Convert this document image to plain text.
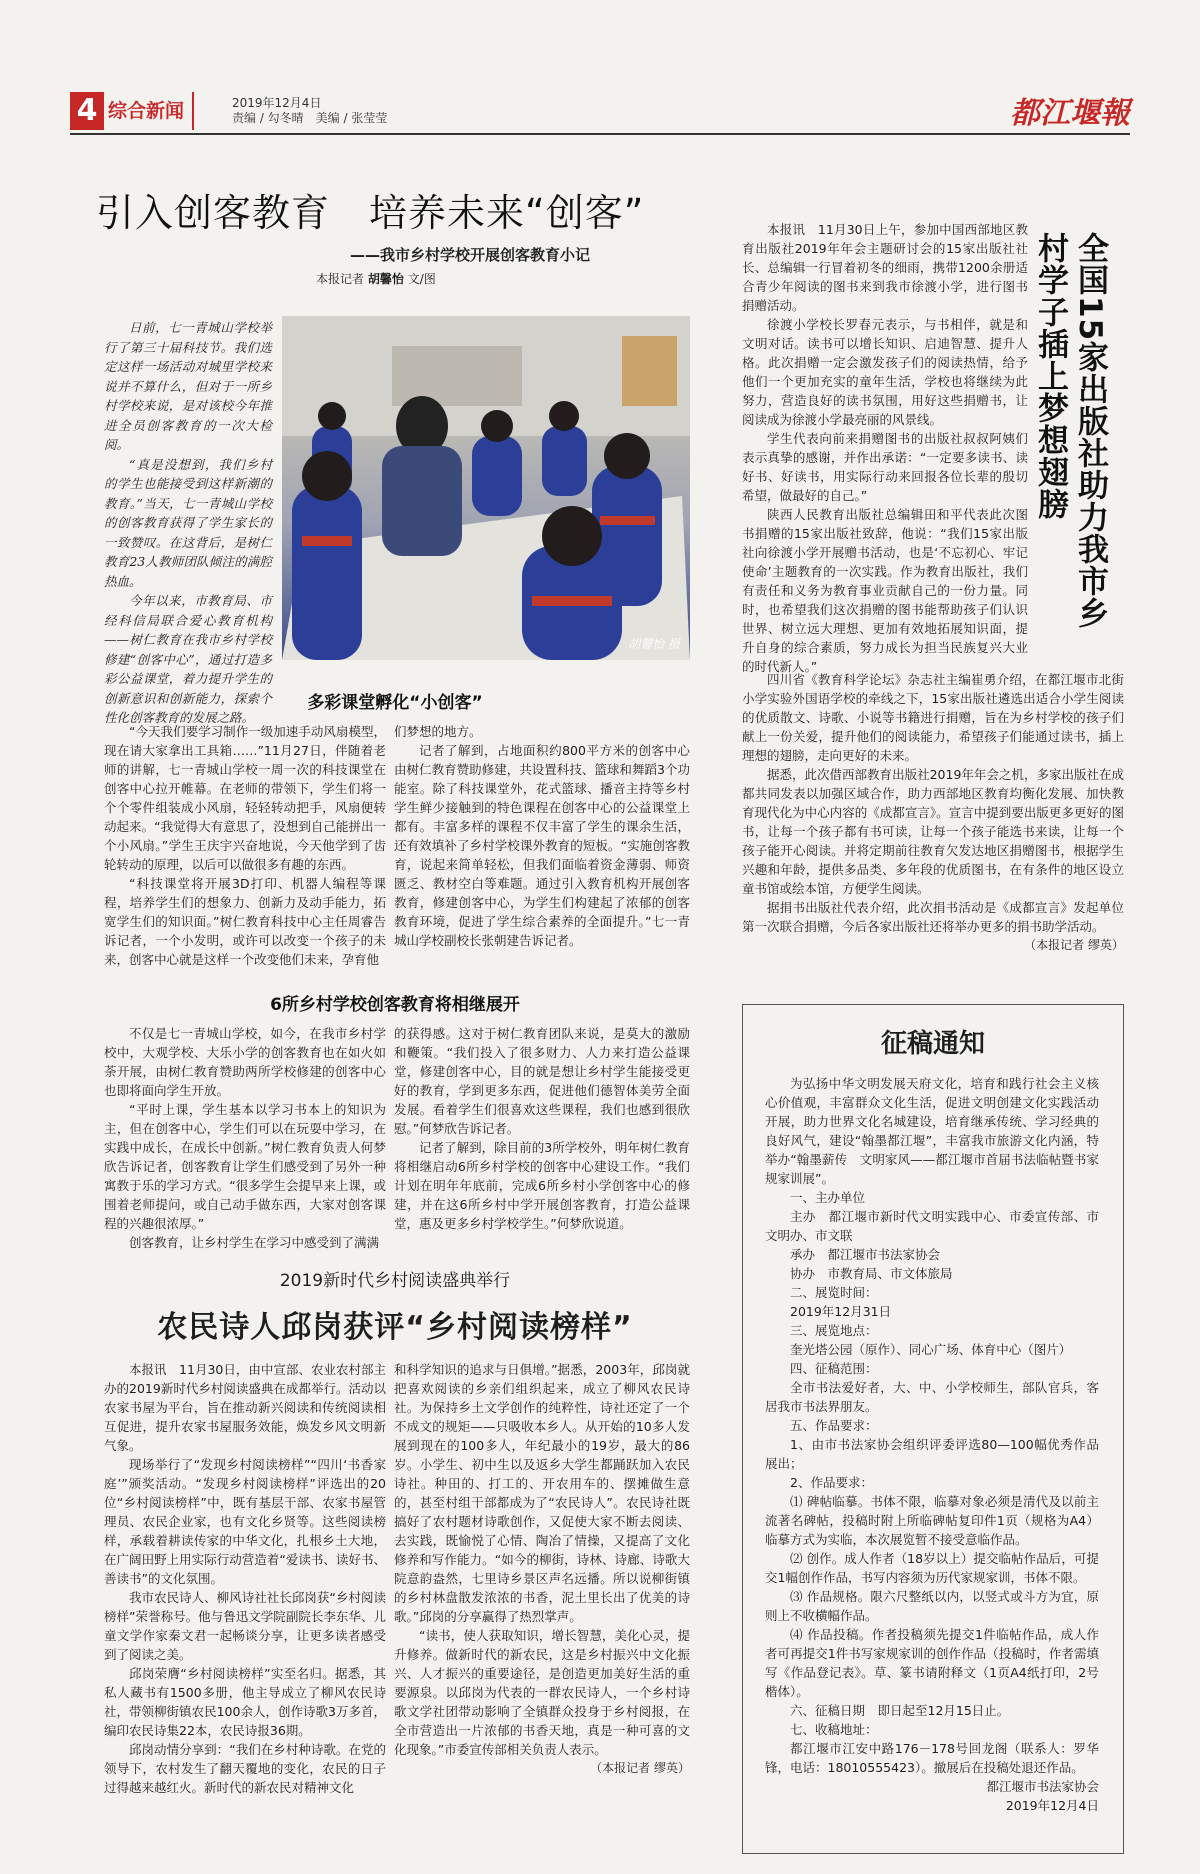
4 综合新闻	2019年12月4日
责编 / 勾冬晴　美编 / 张莹莹	都江堰報
引入创客教育　培养未来“创客”
——我市乡村学校开展创客教育小记
本报记者 胡馨怡 文/图

日前，七一青城山学校举行了第三十届科技节。我们选定这样一场活动对城里学校来说并不算什么，但对于一所乡村学校来说，是对该校今年推进全员创客教育的一次大检阅。

“真是没想到，我们乡村的学生也能接受到这样新潮的教育。”当天，七一青城山学校的创客教育获得了学生家长的一致赞叹。在这背后，是树仁教育23人教师团队倾注的满腔热血。

今年以来，市教育局、市经科信局联合爱心教育机构——树仁教育在我市乡村学校修建“创客中心”，通过打造多彩公益课堂，着力提升学生的创新意识和创新能力，探索个性化创客教育的发展之路。

胡馨怡 摄
多彩课堂孵化“小创客”

“今天我们要学习制作一级加速手动风扇模型，现在请大家拿出工具箱……”11月27日，伴随着老师的讲解，七一青城山学校一周一次的科技课堂在创客中心拉开帷幕。在老师的带领下，学生们将一个个零件组装成小风扇，轻轻转动把手，风扇便转动起来。“我觉得大有意思了，没想到自己能拼出一个小风扇。”学生王庆宇兴奋地说，今天他学到了齿轮转动的原理，以后可以做很多有趣的东西。

“科技课堂将开展3D打印、机器人编程等课程，培养学生们的想象力、创新力及动手能力，拓宽学生们的知识面。”树仁教育科技中心主任周睿告诉记者，一个小发明，或许可以改变一个孩子的未来，创客中心就是这样一个改变他们未来，孕育他

们梦想的地方。

记者了解到，占地面积约800平方米的创客中心由树仁教育赞助修建，共设置科技、篮球和舞蹈3个功能室。除了科技课堂外，花式篮球、播音主持等乡村学生鲜少接触到的特色课程在创客中心的公益课堂上都有。丰富多样的课程不仅丰富了学生的课余生活，还有效填补了乡村学校课外教育的短板。“实施创客教育，说起来简单轻松，但我们面临着资金薄弱、师资匮乏、教材空白等难题。通过引入教育机构开展创客教育，修建创客中心，为学生们构建起了浓郁的创客教育环境，促进了学生综合素养的全面提升。”七一青城山学校副校长张朝建告诉记者。

6所乡村学校创客教育将相继展开

不仅是七一青城山学校，如今，在我市乡村学校中，大观学校、大乐小学的创客教育也在如火如荼开展，由树仁教育赞助两所学校修建的创客中心也即将面向学生开放。

“平时上课，学生基本以学习书本上的知识为主，但在创客中心，学生们可以在玩耍中学习，在实践中成长，在成长中创新。”树仁教育负责人何梦欣告诉记者，创客教育让学生们感受到了另外一种寓教于乐的学习方式。“很多学生会提早来上课，或围着老师提问，或自己动手做东西，大家对创客课程的兴趣很浓厚。”

创客教育，让乡村学生在学习中感受到了满满

的获得感。这对于树仁教育团队来说，是莫大的激励和鞭策。“我们投入了很多财力、人力来打造公益课堂，修建创客中心，目的就是想让乡村学生能接受更好的教育，学到更多东西，促进他们德智体美劳全面发展。看着学生们很喜欢这些课程，我们也感到很欣慰。”何梦欣告诉记者。

记者了解到，除目前的3所学校外，明年树仁教育将相继启动6所乡村学校的创客中心建设工作。“我们计划在明年年底前，完成6所乡村小学创客中心的修建，并在这6所乡村中学开展创客教育，打造公益课堂，惠及更多乡村学校学生。”何梦欣说道。

2019新时代乡村阅读盛典举行
农民诗人邱岗获评“乡村阅读榜样”

本报讯　11月30日，由中宣部、农业农村部主办的2019新时代乡村阅读盛典在成都举行。活动以农家书屋为平台，旨在推动新兴阅读和传统阅读相互促进，提升农家书屋服务效能，焕发乡风文明新气象。

现场举行了“发现乡村阅读榜样”“四川‘书香家庭’”颁奖活动。“发现乡村阅读榜样”评选出的20位“乡村阅读榜样”中，既有基层干部、农家书屋管理员、农民企业家，也有文化乡贤等。这些阅读榜样，承载着耕读传家的中华文化，扎根乡土大地，在广阔田野上用实际行动营造着“爱读书、读好书、善读书”的文化氛围。

我市农民诗人、柳风诗社社长邱岗获“乡村阅读榜样”荣誉称号。他与鲁迅文学院副院长李东华、儿童文学作家秦文君一起畅谈分享，让更多读者感受到了阅读之美。

邱岗荣膺“乡村阅读榜样”实至名归。据悉，其私人藏书有1500多册，他主导成立了柳风农民诗社，带领柳街镇农民100余人，创作诗歌3万多首，编印农民诗集22本，农民诗报36期。

邱岗动情分享到：“我们在乡村种诗歌。在党的领导下，农村发生了翻天覆地的变化，农民的日子过得越来越红火。新时代的新农民对精神文化

和科学知识的追求与日俱增。”据悉，2003年，邱岗就把喜欢阅读的乡亲们组织起来，成立了柳风农民诗社。为保持乡土文学创作的纯粹性，诗社还定了一个不成文的规矩——只吸收本乡人。从开始的10多人发展到现在的100多人，年纪最小的19岁，最大的86岁。小学生、初中生以及返乡大学生都踊跃加入农民诗社。种田的、打工的、开农用车的、摆摊做生意的，甚至村组干部都成为了“农民诗人”。农民诗社既搞好了农村题材诗歌创作，又促使大家不断去阅读、去实践，既愉悦了心情、陶冶了情操，又提高了文化修养和写作能力。“如今的柳街，诗林、诗廊、诗歌大院意韵盎然，七里诗乡景区声名远播。所以说柳街镇的乡村林盘散发浓浓的书香，泥土里长出了优美的诗歌。”邱岗的分享赢得了热烈掌声。

“读书，使人获取知识，增长智慧，美化心灵，提升修养。做新时代的新农民，这是乡村振兴中文化振兴、人才振兴的重要途径，是创造更加美好生活的重要源泉。以邱岗为代表的一群农民诗人，一个乡村诗歌文学社团带动影响了全镇群众投身于乡村阅报，在全市营造出一片浓郁的书香天地，真是一种可喜的文化现象。”市委宣传部相关负责人表示。

（本报记者 缪英）

全国15家出版社助力我市乡村学子插上梦想翅膀

本报讯　11月30日上午，参加中国西部地区教育出版社2019年年会主题研讨会的15家出版社社长、总编辑一行冒着初冬的细雨，携带1200余册适合青少年阅读的图书来到我市徐渡小学，进行图书捐赠活动。

徐渡小学校长罗春元表示，与书相伴，就是和文明对话。读书可以增长知识、启迪智慧、提升人格。此次捐赠一定会激发孩子们的阅读热情，给予他们一个更加充实的童年生活，学校也将继续为此努力，营造良好的读书氛围，用好这些捐赠书，让阅读成为徐渡小学最亮丽的风景线。

学生代表向前来捐赠图书的出版社叔叔阿姨们表示真挚的感谢，并作出承诺：“一定要多读书、读好书、好读书，用实际行动来回报各位长辈的殷切希望，做最好的自己。”

陕西人民教育出版社总编辑田和平代表此次图书捐赠的15家出版社致辞，他说：“我们15家出版社向徐渡小学开展赠书活动，也是‘不忘初心、牢记使命’主题教育的一次实践。作为教育出版社，我们有责任和义务为教育事业贡献自己的一份力量。同时，也希望我们这次捐赠的图书能帮助孩子们认识世界、树立远大理想、更加有效地拓展知识面，提升自身的综合素质，努力成长为担当民族复兴大业的时代新人。”

四川省《教育科学论坛》杂志社主编崔勇介绍，在都江堰市北街小学实验外国语学校的牵线之下，15家出版社遴选出适合小学生阅读的优质散文、诗歌、小说等书籍进行捐赠，旨在为乡村学校的孩子们献上一份关爱，提升他们的阅读能力，希望孩子们能通过读书，插上理想的翅膀，走向更好的未来。

据悉，此次借西部教育出版社2019年年会之机，多家出版社在成都共同发表以加强区域合作，助力西部地区教育均衡化发展、加快教育现代化为中心内容的《成都宣言》。宣言中提到要出版更多更好的图书，让每一个孩子都有书可读，让每一个孩子能选书来读，让每一个孩子能开心阅读。并将定期前往教育欠发达地区捐赠图书，根据学生兴趣和年龄，提供多品类、多年段的优质图书，在有条件的地区设立童书馆或绘本馆，方便学生阅读。

据捐书出版社代表介绍，此次捐书活动是《成都宣言》发起单位第一次联合捐赠，今后各家出版社还将举办更多的捐书助学活动。

（本报记者 缪英）

征稿通知

为弘扬中华文明发展天府文化，培育和践行社会主义核心价值观，丰富群众文化生活，促进文明创建文化实践活动开展，助力世界文化名城建设，培育继承传统、学习经典的良好风气，建设“翰墨都江堰”，丰富我市旅游文化内涵，特举办“翰墨薪传　文明家风——都江堰市首届书法临帖暨书家规家训展”。

一、主办单位

主办　都江堰市新时代文明实践中心、市委宣传部、市文明办、市文联

承办　都江堰市书法家协会

协办　市教育局、市文体旅局

二、展览时间：

2019年12月31日

三、展览地点：

奎光塔公园（原作）、同心广场、体育中心（图片）

四、征稿范围：

全市书法爱好者，大、中、小学校师生，部队官兵，客居我市书法界朋友。

五、作品要求：

1、由市书法家协会组织评委评选80—100幅优秀作品展出；

2、作品要求：

⑴ 碑帖临摹。书体不限，临摹对象必须是清代及以前主流著名碑帖，投稿时附上所临碑帖复印件1页（规格为A4）临摹方式为实临，本次展览暂不接受意临作品。

⑵ 创作。成人作者（18岁以上）提交临帖作品后，可提交1幅创作作品，书写内容须为历代家规家训，书体不限。

⑶ 作品规格。限六尺整纸以内，以竖式或斗方为宜，原则上不收横幅作品。

⑷ 作品投稿。作者投稿须先提交1件临帖作品，成人作者可再提交1件书写家规家训的创作作品（投稿时，作者需填写《作品登记表》。草、篆书请附释文（1页A4纸打印，2号楷体）。

六、征稿日期　即日起至12月15日止。

七、收稿地址：

都江堰市江安中路176－178号回龙阁（联系人：罗华锋，电话：18010555423）。撤展后在投稿处退还作品。

都江堰市书法家协会

2019年12月4日
